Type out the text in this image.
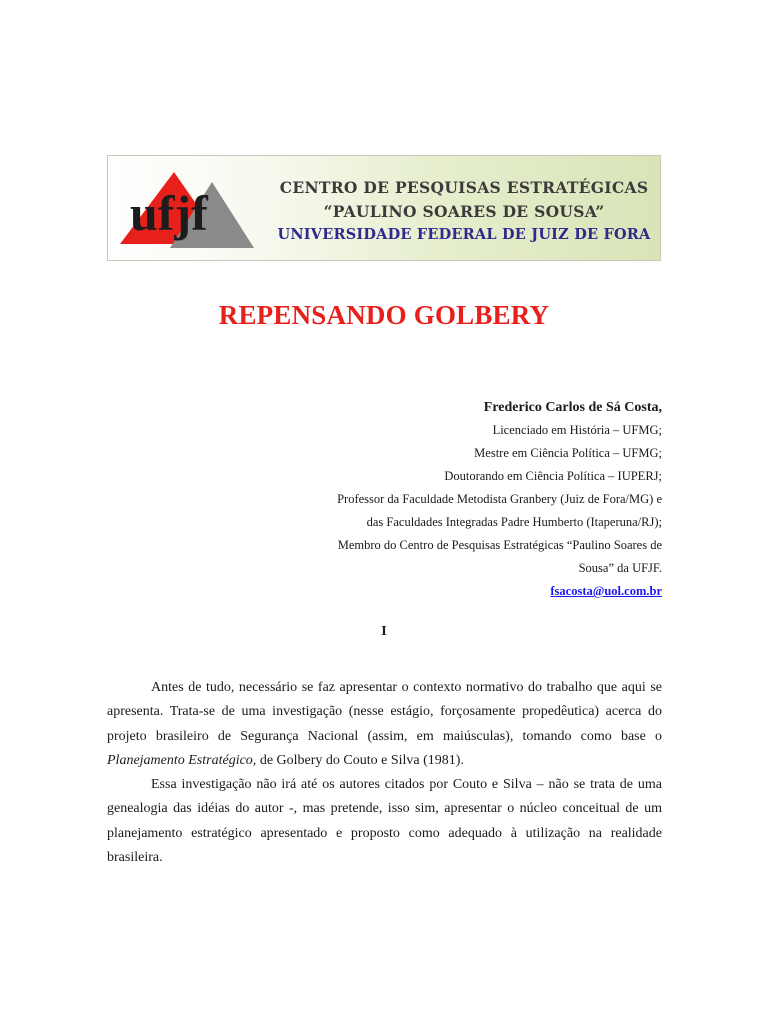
ufjf	CENTRO DE PESQUISAS ESTRATÉGICAS
“PAULINO SOARES DE SOUSA”
UNIVERSIDADE FEDERAL DE JUIZ DE FORA
REPENSANDO GOLBERY
Frederico Carlos de Sá Costa,
Licenciado em História – UFMG;
Mestre em Ciência Política – UFMG;
Doutorando em Ciência Política – IUPERJ;
Professor da Faculdade Metodista Granbery (Juiz de Fora/MG) e
das Faculdades Integradas Padre Humberto (Itaperuna/RJ);
Membro do Centro de Pesquisas Estratégicas “Paulino Soares de
Sousa” da UFJF.
fsacosta@uol.com.br
I

Antes de tudo, necessário se faz apresentar o contexto normativo do trabalho que aqui se apresenta. Trata-se de uma investigação (nesse estágio, forçosamente propedêutica) acerca do projeto brasileiro de Segurança Nacional (assim, em maiúsculas), tomando como base o Planejamento Estratégico, de Golbery do Couto e Silva (1981).

Essa investigação não irá até os autores citados por Couto e Silva – não se trata de uma genealogia das idéias do autor -, mas pretende, isso sim, apresentar o núcleo conceitual de um planejamento estratégico apresentado e proposto como adequado à utilização na realidade brasileira.
